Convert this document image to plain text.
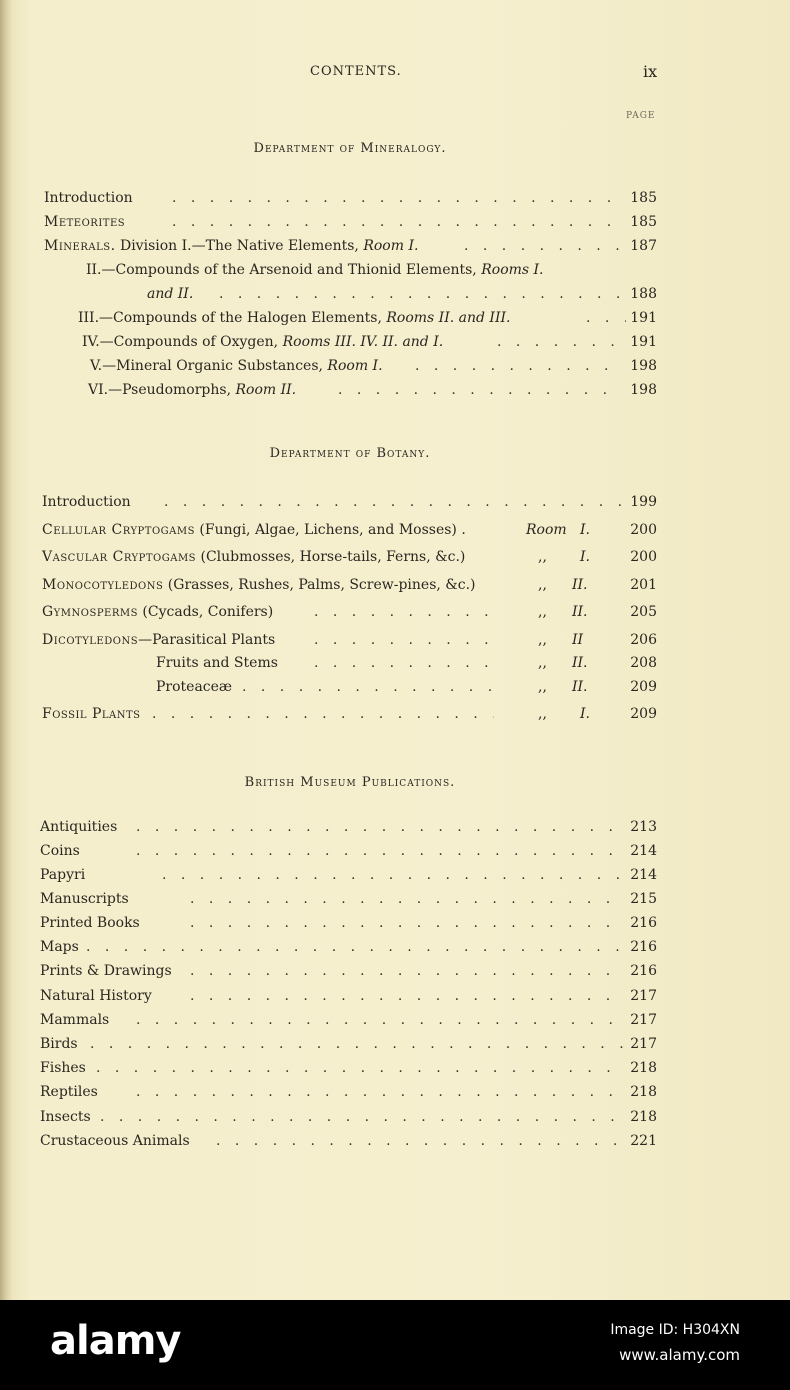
CONTENTS.	ix
PAGE
Department of Mineralogy.
Introduction . . .	185
Meteorites . . .	185
Minerals. Division I.—The Native Elements, Room I. . . .	187
II.—Compounds of the Arsenoid and Thionid Elements, Rooms I.
and II. . . .	188
III.—Compounds of the Halogen Elements, Rooms II. and III. . . .	191
IV.—Compounds of Oxygen, Rooms III. IV. II. and I. . . .	191
V.—Mineral Organic Substances, Room I. . . .	198
VI.—Pseudomorphs, Room II. . . .	198
Department of Botany.
Introduction . . .	199
Cellular Cryptogams (Fungi, Algae, Lichens, and Mosses) .	Room I.	200
Vascular Cryptogams (Clubmosses, Horse-tails, Ferns, &c.)	,, I.	200
Monocotyledons (Grasses, Rushes, Palms, Screw-pines, &c.)	,, II.	201
Gymnosperms (Cycads, Conifers) . . .	,, II.	205
Dicotyledons—Parasitical Plants . . .	,, II	206
Fruits and Stems . . .	,, II.	208
Proteaceæ . . .	,, II.	209
Fossil Plants . . .	,, I.	209
British Museum Publications.
Antiquities . . .	213
Coins . . .	214
Papyri . . .	214
Manuscripts . . .	215
Printed Books . . .	216
Maps . . .	216
Prints & Drawings . . .	216
Natural History . . .	217
Mammals . . .	217
Birds . . .	217
Fishes . . .	218
Reptiles . . .	218
Insects . . .	218
Crustaceous Animals . . .	221
alamy	Image ID: H304XN
www.alamy.com
